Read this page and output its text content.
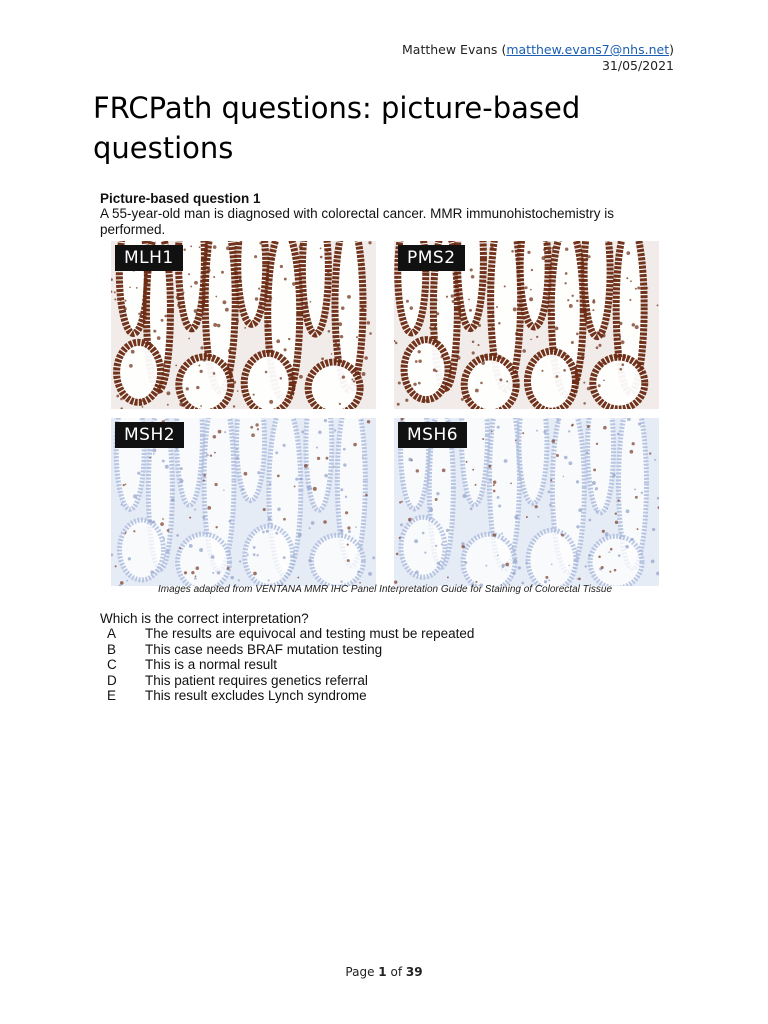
Matthew Evans (matthew.evans7@nhs.net)
31/05/2021
FRCPath questions: picture-based questions
Picture-based question 1
A 55-year-old man is diagnosed with colorectal cancer. MMR immunohistochemistry is performed.
MLH1	PMS2
MSH2	MSH6
Images adapted from VENTANA MMR IHC Panel Interpretation Guide for Staining of Colorectal Tissue
Which is the correct interpretation?
A	The results are equivocal and testing must be repeated
B	This case needs BRAF mutation testing
C	This is a normal result
D	This patient requires genetics referral
E	This result excludes Lynch syndrome
Page 1 of 39
